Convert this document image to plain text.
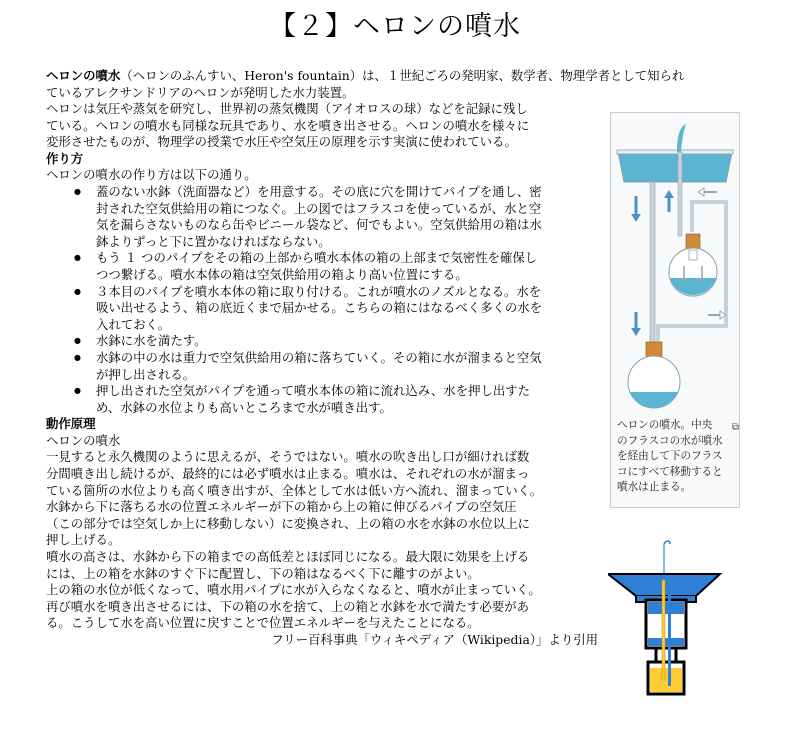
【２】ヘロンの噴水

ヘロンの噴水（ヘロンのふんすい、Heron's fountain）は、１世紀ごろの発明家、数学者、物理学者として知られ

ているアレクサンドリアのヘロンが発明した水力装置。

ヘロンは気圧や蒸気を研究し、世界初の蒸気機関（アイオロスの球）などを記録に残し

ている。ヘロンの噴水も同様な玩具であり、水を噴き出させる。ヘロンの噴水を様々に

変形させたものが、物理学の授業で水圧や空気圧の原理を示す実演に使われている。

作り方

ヘロンの噴水の作り方は以下の通り。

● 蓋のない水鉢（洗面器など）を用意する。その底に穴を開けてパイプを通し、密
封された空気供給用の箱につなぐ。上の図ではフラスコを使っているが、水と空
気を漏らさないものなら缶やビニール袋など、何でもよい。空気供給用の箱は水
鉢よりずっと下に置かなければならない。
● もう １ つのパイプをその箱の上部から噴水本体の箱の上部まで気密性を確保し
つつ繋げる。噴水本体の箱は空気供給用の箱より高い位置にする。
● ３本目のパイプを噴水本体の箱に取り付ける。これが噴水のノズルとなる。水を
吸い出せるよう、箱の底近くまで届かせる。こちらの箱にはなるべく多くの水を
入れておく。
● 水鉢に水を満たす。
● 水鉢の中の水は重力で空気供給用の箱に落ちていく。その箱に水が溜まると空気
が押し出される。
● 押し出された空気がパイプを通って噴水本体の箱に流れ込み、水を押し出すた
め、水鉢の水位よりも高いところまで水が噴き出す。

動作原理

ヘロンの噴水

一見すると永久機関のように思えるが、そうではない。噴水の吹き出し口が細ければ数

分間噴き出し続けるが、最終的には必ず噴水は止まる。噴水は、それぞれの水が溜まっ

ている箇所の水位よりも高く噴き出すが、全体として水は低い方へ流れ、溜まっていく。

水鉢から下に落ちる水の位置エネルギーが下の箱から上の箱に伸びるパイプの空気圧

（この部分では空気しか上に移動しない）に変換され、上の箱の水を水鉢の水位以上に

押し上げる。

噴水の高さは、水鉢から下の箱までの高低差とほぼ同じになる。最大限に効果を上げる

には、上の箱を水鉢のすぐ下に配置し、下の箱はなるべく下に離すのがよい。

上の箱の水位が低くなって、噴水用パイプに水が入らなくなると、噴水が止まっていく。

再び噴水を噴き出させるには、下の箱の水を捨て、上の箱と水鉢を水で満たす必要があ

る。こうして水を高い位置に戻すことで位置エネルギーを与えたことになる。

フリー百科事典「ウィキペディア（Wikipedia）」より引用

ヘロンの噴水。中央
のフラスコの水が噴水
を経由して下のフラス
コにすべて移動すると
噴水は止まる。
⧉
